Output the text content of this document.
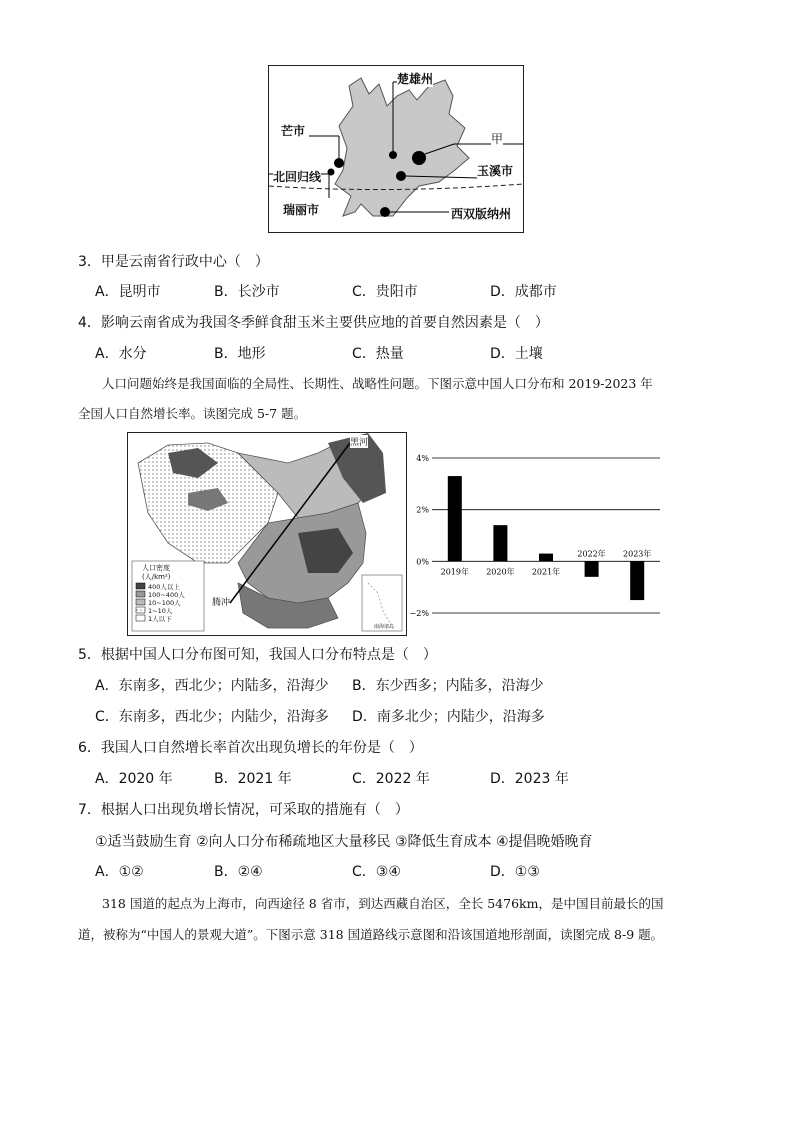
楚雄州
芒市
甲
玉溪市
北回归线
瑞丽市	西双版纳州
3．甲是云南省行政中心（　）
A．昆明市	B．长沙市	C．贵阳市	D．成都市
4．影响云南省成为我国冬季鲜食甜玉米主要供应地的首要自然因素是（　）
A．水分	B．地形	C．热量	D．土壤
人口问题始终是我国面临的全局性、长期性、战略性问题。下图示意中国人口分布和 2019-2023 年
全国人口自然增长率。读图完成 5-7 题。
黑河
腾冲
人口密度
(人/km²)
400人以上
100~400人
10~100人
1~10人
1人以下
南海诸岛
4%
2%
0%
−2%
2019年 2020年 2021年
2022年 2023年
5．根据中国人口分布图可知，我国人口分布特点是（　）
A．东南多，西北少；内陆多，沿海少 B．东少西多；内陆多，沿海少
C．东南多，西北少；内陆少，沿海多 D．南多北少；内陆少，沿海多
6．我国人口自然增长率首次出现负增长的年份是（　）
A．2020 年	B．2021 年	C．2022 年	D．2023 年
7．根据人口出现负增长情况，可采取的措施有（　）
①适当鼓励生育 ②向人口分布稀疏地区大量移民 ③降低生育成本 ④提倡晚婚晚育
A．①②	B．②④	C．③④	D．①③
318 国道的起点为上海市，向西途径 8 省市，到达西藏自治区，全长 5476km，是中国目前最长的国
道，被称为“中国人的景观大道”。下图示意 318 国道路线示意图和沿该国道地形剖面，读图完成 8-9 题。
